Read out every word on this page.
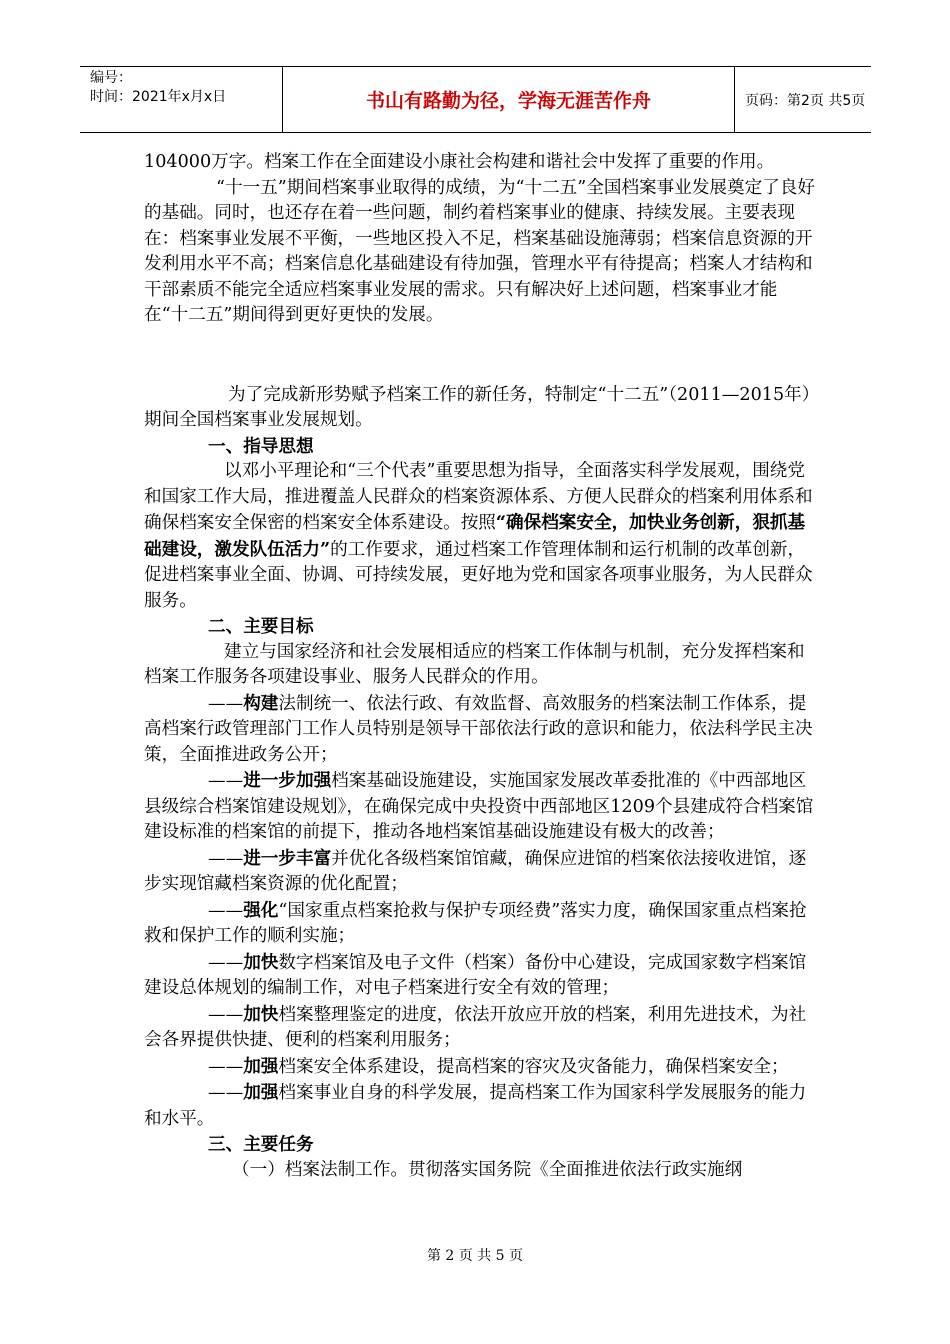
编号：
时间：2021年x月x日	书山有路勤为径，学海无涯苦作舟	页码：第2页 共5页

104000万字。档案工作在全面建设小康社会构建和谐社会中发挥了重要的作用。

“十一五”期间档案事业取得的成绩，为“十二五”全国档案事业发展奠定了良好的基础。同时，也还存在着一些问题，制约着档案事业的健康、持续发展。主要表现在：档案事业发展不平衡，一些地区投入不足，档案基础设施薄弱；档案信息资源的开发利用水平不高；档案信息化基础建设有待加强，管理水平有待提高；档案人才结构和干部素质不能完全适应档案事业发展的需求。只有解决好上述问题，档案事业才能在“十二五”期间得到更好更快的发展。

为了完成新形势赋予档案工作的新任务，特制定“十二五”（2011—2015年）期间全国档案事业发展规划。

一、指导思想

以邓小平理论和“三个代表”重要思想为指导，全面落实科学发展观，围绕党和国家工作大局，推进覆盖人民群众的档案资源体系、方便人民群众的档案利用体系和确保档案安全保密的档案安全体系建设。按照“确保档案安全，加快业务创新，狠抓基础建设，激发队伍活力”的工作要求，通过档案工作管理体制和运行机制的改革创新，促进档案事业全面、协调、可持续发展，更好地为党和国家各项事业服务，为人民群众服务。

二、主要目标

建立与国家经济和社会发展相适应的档案工作体制与机制，充分发挥档案和档案工作服务各项建设事业、服务人民群众的作用。

——构建法制统一、依法行政、有效监督、高效服务的档案法制工作体系，提高档案行政管理部门工作人员特别是领导干部依法行政的意识和能力，依法科学民主决策，全面推进政务公开；

——进一步加强档案基础设施建设，实施国家发展改革委批准的《中西部地区县级综合档案馆建设规划》，在确保完成中央投资中西部地区1209个县建成符合档案馆建设标准的档案馆的前提下，推动各地档案馆基础设施建设有极大的改善；

——进一步丰富并优化各级档案馆馆藏，确保应进馆的档案依法接收进馆，逐步实现馆藏档案资源的优化配置；

——强化“国家重点档案抢救与保护专项经费”落实力度，确保国家重点档案抢救和保护工作的顺利实施；

——加快数字档案馆及电子文件（档案）备份中心建设，完成国家数字档案馆建设总体规划的编制工作，对电子档案进行安全有效的管理；

——加快档案整理鉴定的进度，依法开放应开放的档案，利用先进技术，为社会各界提供快捷、便利的档案利用服务；

——加强档案安全体系建设，提高档案的容灾及灾备能力，确保档案安全；

——加强档案事业自身的科学发展，提高档案工作为国家科学发展服务的能力和水平。

三、主要任务

（一）档案法制工作。贯彻落实国务院《全面推进依法行政实施纲

第 2 页 共 5 页
